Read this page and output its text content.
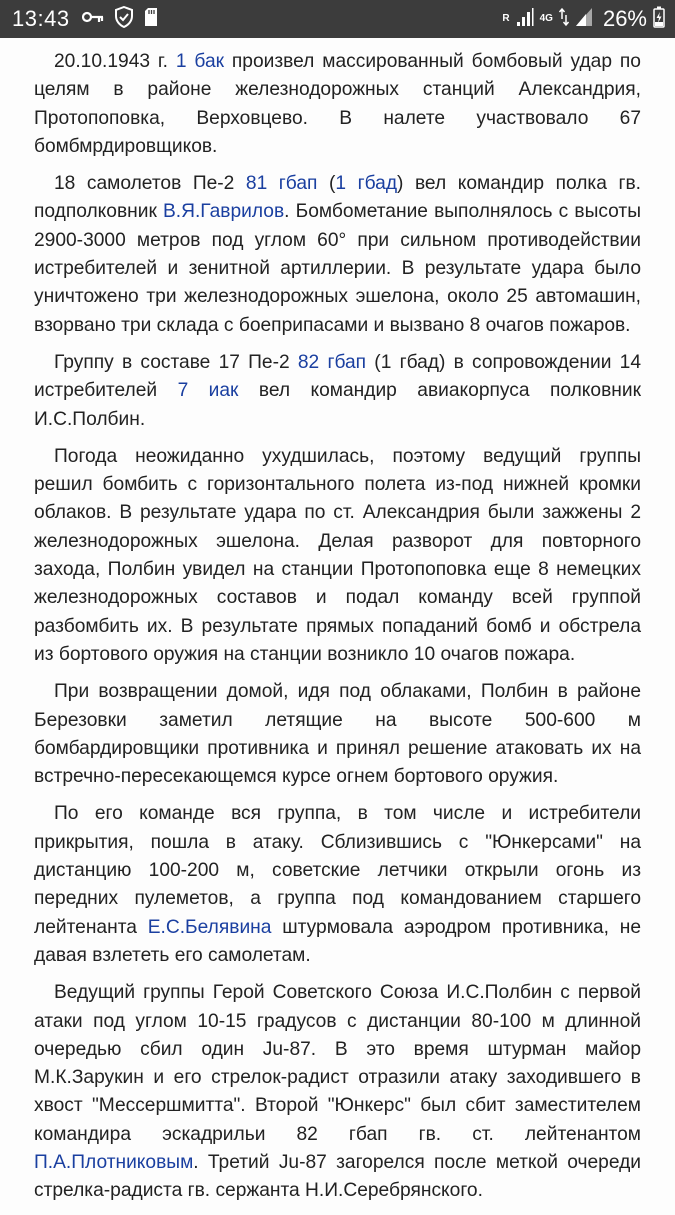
13:43	R	4G 26%

20.10.1943 г. 1 бак произвел массированный бомбовый удар по целям в районе железнодорожных станций Александрия, Протопоповка, Верховцево. В налете участвовало 67 бомбмрдировщиков.

18 самолетов Пе-2 81 гбап (1 гбад) вел командир полка гв. подполковник В.Я.Гаврилов. Бомбометание выполнялось с высоты 2900-3000 метров под углом 60° при сильном противодействии истребителей и зенитной артиллерии. В результате удара было уничтожено три железнодорожных эшелона, около 25 автомашин, взорвано три склада с боеприпасами и вызвано 8 очагов пожаров.

Группу в составе 17 Пе-2 82 гбап (1 гбад) в сопровождении 14 истребителей 7 иак вел командир авиакорпуса полковник И.С.Полбин.

Погода неожиданно ухудшилась, поэтому ведущий группы решил бомбить с горизонтального полета из-под нижней кромки облаков. В результате удара по ст. Александрия были зажжены 2 железнодорожных эшелона. Делая разворот для повторного захода, Полбин увидел на станции Протопоповка еще 8 немецких железнодорожных составов и подал команду всей группой разбомбить их. В результате прямых попаданий бомб и обстрела из бортового оружия на станции возникло 10 очагов пожара.

При возвращении домой, идя под облаками, Полбин в районе Березовки заметил летящие на высоте 500-600 м бомбардировщики противника и принял решение атаковать их на встречно-пересекающемся курсе огнем бортового оружия.

По его команде вся группа, в том числе и истребители прикрытия, пошла в атаку. Сблизившись с "Юнкерсами" на дистанцию 100-200 м, советские летчики открыли огонь из передних пулеметов, а группа под командованием старшего лейтенанта Е.С.Белявина штурмовала аэродром противника, не давая взлететь его самолетам.

Ведущий группы Герой Советского Союза И.С.Полбин с первой атаки под углом 10-15 градусов с дистанции 80-100 м длинной очередью сбил один Ju-87. В это время штурман майор М.К.Зарукин и его стрелок-радист отразили атаку заходившего в хвост "Мессершмитта". Второй "Юнкерс" был сбит заместителем командира эскадрильи 82 гбап гв. ст. лейтенантом П.А.Плотниковым. Третий Ju-87 загорелся после меткой очереди стрелка-радиста гв. сержанта Н.И.Серебрянского.
